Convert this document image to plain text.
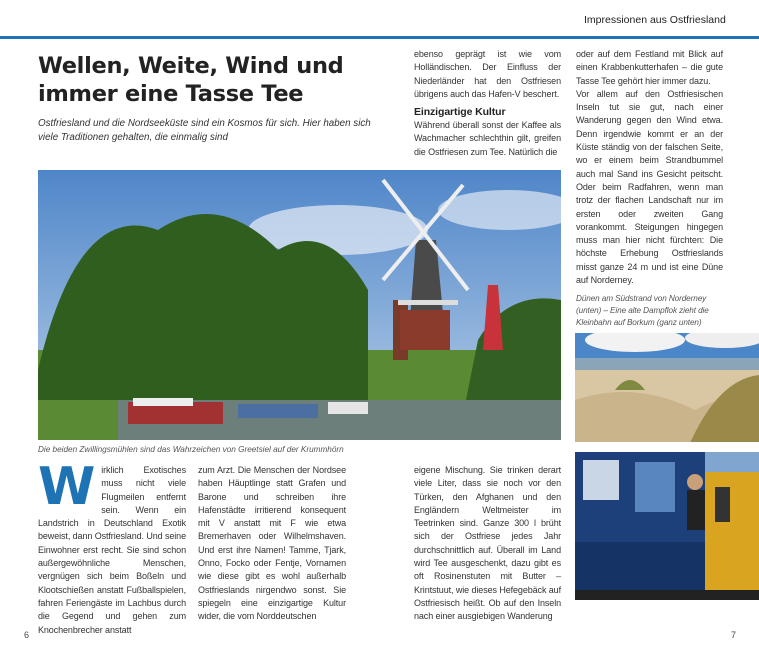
Impressionen aus Ostfriesland
Wellen, Weite, Wind und immer eine Tasse Tee
Ostfriesland und die Nordseeküste sind ein Kosmos für sich. Hier haben sich viele Traditionen gehalten, die einmalig sind

ebenso geprägt ist wie vom Holländischen. Der Einfluss der Niederländer hat den Ostfriesen übrigens auch das Hafen-V beschert.

Einzigartige Kultur

Während überall sonst der Kaffee als Wachmacher schlechthin gilt, greifen die Ostfriesen zum Tee. Natürlich die

oder auf dem Festland mit Blick auf einen Krabbenkutterhafen – die gute Tasse Tee gehört hier immer dazu.

Vor allem auf den Ostfriesischen Inseln tut sie gut, nach einer Wanderung gegen den Wind etwa. Denn irgendwie kommt er an der Küste ständig von der falschen Seite, wo er einem beim Strandbummel auch mal Sand ins Gesicht peitscht. Oder beim Radfahren, wenn man trotz der flachen Landschaft nur im ersten oder zweiten Gang vorankommt. Steigungen hingegen muss man hier nicht fürchten: Die höchste Erhebung Ostfrieslands misst ganze 24 m und ist eine Düne auf Norderney.

Dünen am Südstrand von Norderney (unten) – Eine alte Dampflok zieht die Kleinbahn auf Borkum (ganz unten)

Die beiden Zwillingsmühlen sind das Wahrzeichen von Greetsiel auf der Krummhörn
Wirklich Exotisches muss nicht viele Flugmeilen entfernt sein. Wenn ein Landstrich in Deutschland Exotik beweist, dann Ostfriesland. Und seine Einwohner erst recht. Sie sind schon außergewöhnliche Menschen, vergnügen sich beim Boßeln und Klootschießen anstatt Fußballspielen, fahren Feriengäste im Lachbus durch die Gegend und gehen zum Knochenbrecher anstatt
zum Arzt. Die Menschen der Nordsee haben Häuptlinge statt Grafen und Barone und schreiben ihre Hafenstädte irritierend konsequent mit V anstatt mit F wie etwa Bremerhaven oder Wilhelmshaven. Und erst ihre Namen! Tamme, Tjark, Onno, Focko oder Fentje, Vornamen wie diese gibt es wohl außerhalb Ostfrieslands nirgendwo sonst. Sie spiegeln eine einzigartige Kultur wider, die vom Norddeutschen
eigene Mischung. Sie trinken derart viele Liter, dass sie noch vor den Türken, den Afghanen und den Engländern Weltmeister im Teetrinken sind. Ganze 300 l brüht sich der Ostfriese jedes Jahr durchschnittlich auf. Überall im Land wird Tee ausgeschenkt, dazu gibt es oft Rosinenstuten mit Butter – Krintstuut, wie dieses Hefegebäck auf Ostfriesisch heißt. Ob auf den Inseln nach einer ausgiebigen Wanderung
6	7
